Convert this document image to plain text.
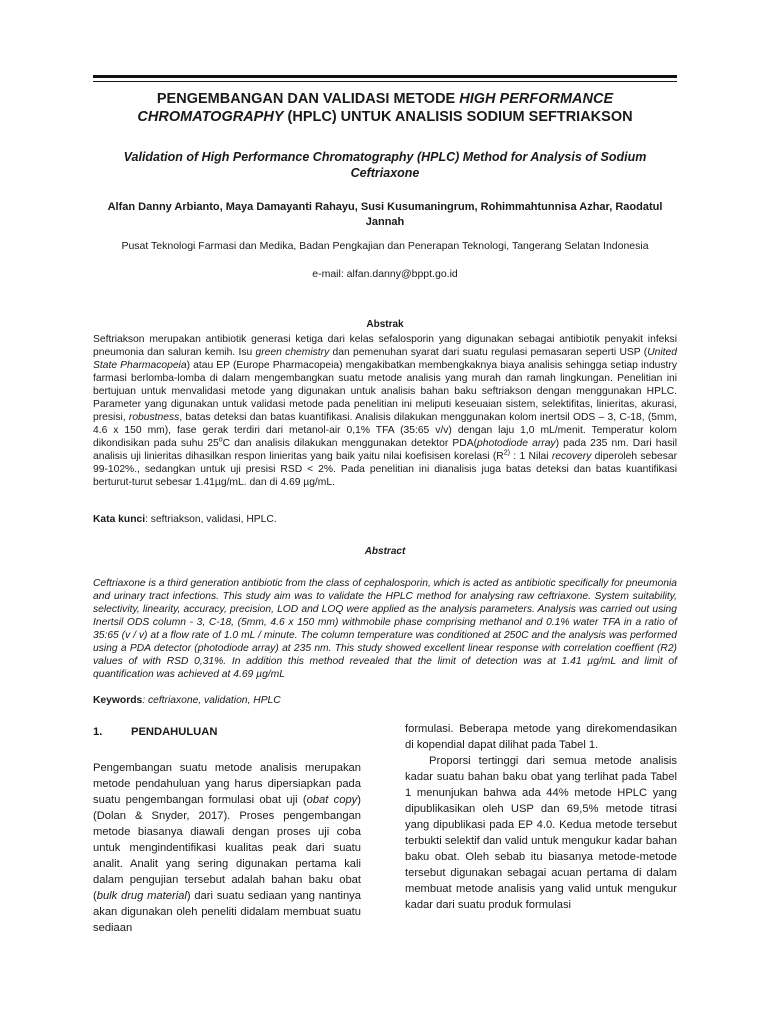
PENGEMBANGAN DAN VALIDASI METODE HIGH PERFORMANCE CHROMATOGRAPHY (HPLC) UNTUK ANALISIS SODIUM SEFTRIAKSON
Validation of High Performance Chromatography (HPLC) Method for Analysis of Sodium Ceftriaxone
Alfan Danny Arbianto, Maya Damayanti Rahayu, Susi Kusumaningrum, Rohimmahtunnisa Azhar, Raodatul Jannah
Pusat Teknologi Farmasi dan Medika, Badan Pengkajian dan Penerapan Teknologi, Tangerang Selatan Indonesia
e-mail: alfan.danny@bppt.go.id
Abstrak
Seftriakson merupakan antibiotik generasi ketiga dari kelas sefalosporin yang digunakan sebagai antibiotik penyakit infeksi pneumonia dan saluran kemih. Isu green chemistry dan pemenuhan syarat dari suatu regulasi pemasaran seperti USP (United State Pharmacopeia) atau EP (Europe Pharmacopeia) mengakibatkan membengkaknya biaya analisis sehingga setiap industry farmasi berlomba-lomba di dalam mengembangkan suatu metode analisis yang murah dan ramah lingkungan. Penelitian ini bertujuan untuk menvalidasi metode yang digunakan untuk analisis bahan baku seftriakson dengan menggunakan HPLC. Parameter yang digunakan untuk validasi metode pada penelitian ini meliputi keseuaian sistem, selektifitas, linieritas, akurasi, presisi, robustness, batas deteksi dan batas kuantifikasi. Analisis dilakukan menggunakan kolom inertsil ODS – 3, C-18, (5mm, 4.6 x 150 mm), fase gerak terdiri dari metanol-air 0,1% TFA (35:65 v/v) dengan laju 1,0 mL/menit. Temperatur kolom dikondisikan pada suhu 25$^o$C dan analisis dilakukan menggunakan detektor PDA(photodiode array) pada 235 nm. Dari hasil analisis uji linieritas dihasilkan respon linieritas yang baik yaitu nilai koefisisen korelasi ($R^{2)}$ : 1 Nilai recovery diperoleh sebesar 99-102%., sedangkan untuk uji presisi RSD < 2%. Pada penelitian ini dianalisis juga batas deteksi dan batas kuantifikasi berturut-turut sebesar 1.41µg/mL. dan di 4.69 µg/mL.
Kata kunci: seftriakson, validasi, HPLC.
Abstract
Ceftriaxone is a third generation antibiotic from the class of cephalosporin, which is acted as antibiotic specifically for pneumonia and urinary tract infections. This study aim was to validate the HPLC method for analysing raw ceftriaxone. System suitability, selectivity, linearity, accuracy, precision, LOD and LOQ were applied as the analysis parameters. Analysis was carried out using Inertsil ODS column - 3, C-18, (5mm, 4.6 x 150 mm) withmobile phase comprising methanol and 0.1% water TFA in a ratio of 35:65 (v / v) at a flow rate of 1.0 mL / minute. The column temperature was conditioned at 250C and the analysis was performed using a PDA detector (photodiode array) at 235 nm. This study showed excellent linear response with correlation coeffient (R2) values of with RSD 0,31%. In addition this method revealed that the limit of detection was at 1.41 µg/mL and limit of quantification was achieved at 4.69 µg/mL
Keywords: ceftriaxone, validation, HPLC
1.	PENDAHULUAN

Pengembangan suatu metode analisis merupakan metode pendahuluan yang harus dipersiapkan pada suatu pengembangan formulasi obat uji (obat copy) (Dolan & Snyder, 2017). Proses pengembangan metode biasanya diawali dengan proses uji coba untuk mengindentifikasi kualitas peak dari suatu analit. Analit yang sering digunakan pertama kali dalam pengujian tersebut adalah bahan baku obat (bulk drug material) dari suatu sediaan yang nantinya akan digunakan oleh peneliti didalam membuat suatu sediaan

formulasi. Beberapa metode yang direkomendasikan di kopendial dapat dilihat pada Tabel 1.

Proporsi tertinggi dari semua metode analisis kadar suatu bahan baku obat yang terlihat pada Tabel 1 menunjukan bahwa ada 44% metode HPLC yang dipublikasikan oleh USP dan 69,5% metode titrasi yang dipublikasi pada EP 4.0. Kedua metode tersebut terbukti selektif dan valid untuk mengukur kadar bahan baku obat. Oleh sebab itu biasanya metode-metode tersebut digunakan sebagai acuan pertama di dalam membuat metode analisis yang valid untuk mengukur kadar dari suatu produk formulasi
